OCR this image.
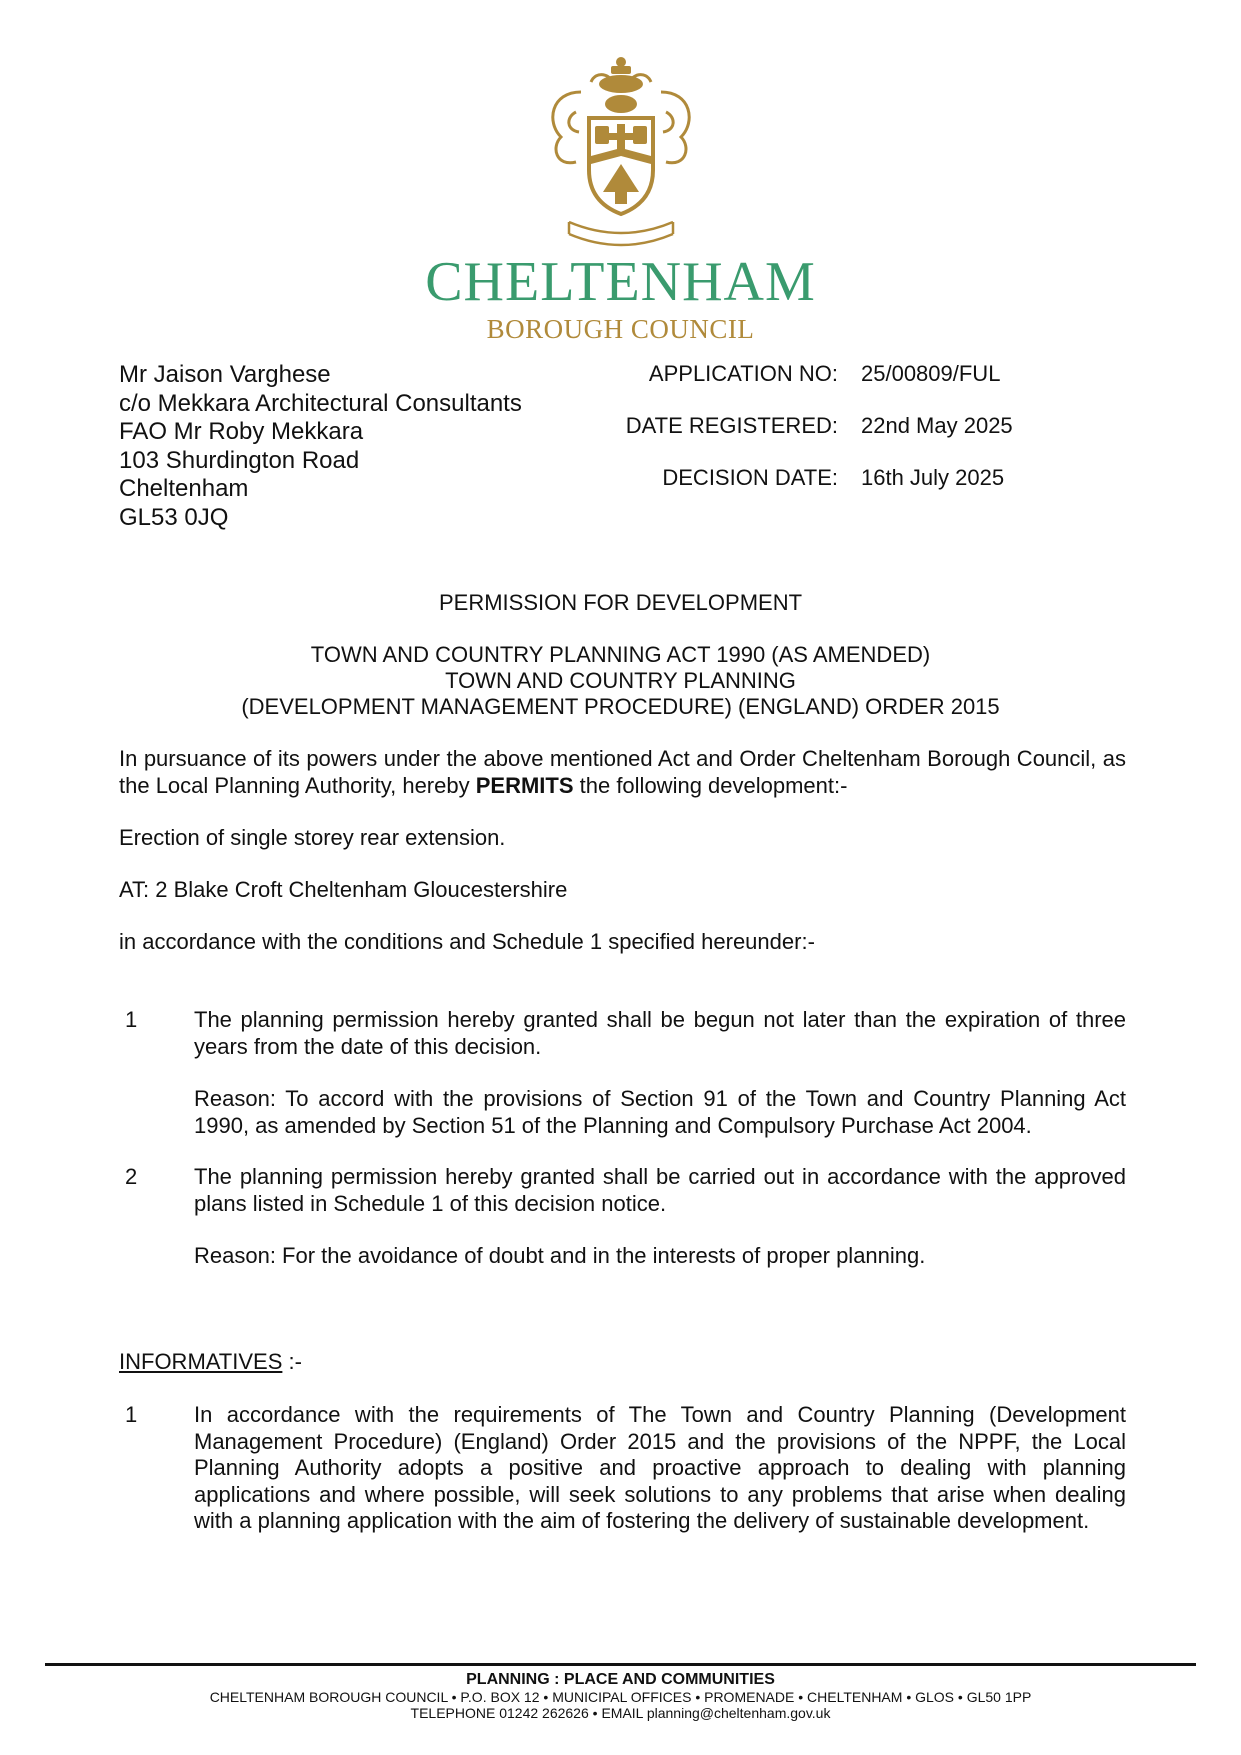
CHELTENHAM
BOROUGH COUNCIL
Mr Jaison Varghese
c/o Mekkara Architectural Consultants
FAO Mr Roby Mekkara
103 Shurdington Road
Cheltenham
GL53 0JQ
APPLICATION NO: 25/00809/FUL
DATE REGISTERED: 22nd May 2025
DECISION DATE: 16th July 2025
PERMISSION FOR DEVELOPMENT
TOWN AND COUNTRY PLANNING ACT 1990 (AS AMENDED)
TOWN AND COUNTRY PLANNING
(DEVELOPMENT MANAGEMENT PROCEDURE) (ENGLAND) ORDER 2015
In pursuance of its powers under the above mentioned Act and Order Cheltenham Borough Council, as the Local Planning Authority, hereby PERMITS the following development:-
Erection of single storey rear extension.
AT: 2 Blake Croft Cheltenham Gloucestershire
in accordance with the conditions and Schedule 1 specified hereunder:-
1	The planning permission hereby granted shall be begun not later than the expiration of three years from the date of this decision.
Reason: To accord with the provisions of Section 91 of the Town and Country Planning Act 1990, as amended by Section 51 of the Planning and Compulsory Purchase Act 2004.
2	The planning permission hereby granted shall be carried out in accordance with the approved plans listed in Schedule 1 of this decision notice.
Reason: For the avoidance of doubt and in the interests of proper planning.
INFORMATIVES :-
1	In accordance with the requirements of The Town and Country Planning (Development Management Procedure) (England) Order 2015 and the provisions of the NPPF, the Local Planning Authority adopts a positive and proactive approach to dealing with planning applications and where possible, will seek solutions to any problems that arise when dealing with a planning application with the aim of fostering the delivery of sustainable development.
PLANNING : PLACE AND COMMUNITIES
CHELTENHAM BOROUGH COUNCIL • P.O. BOX 12 • MUNICIPAL OFFICES • PROMENADE • CHELTENHAM • GLOS • GL50 1PP
TELEPHONE 01242 262626 • EMAIL planning@cheltenham.gov.uk
